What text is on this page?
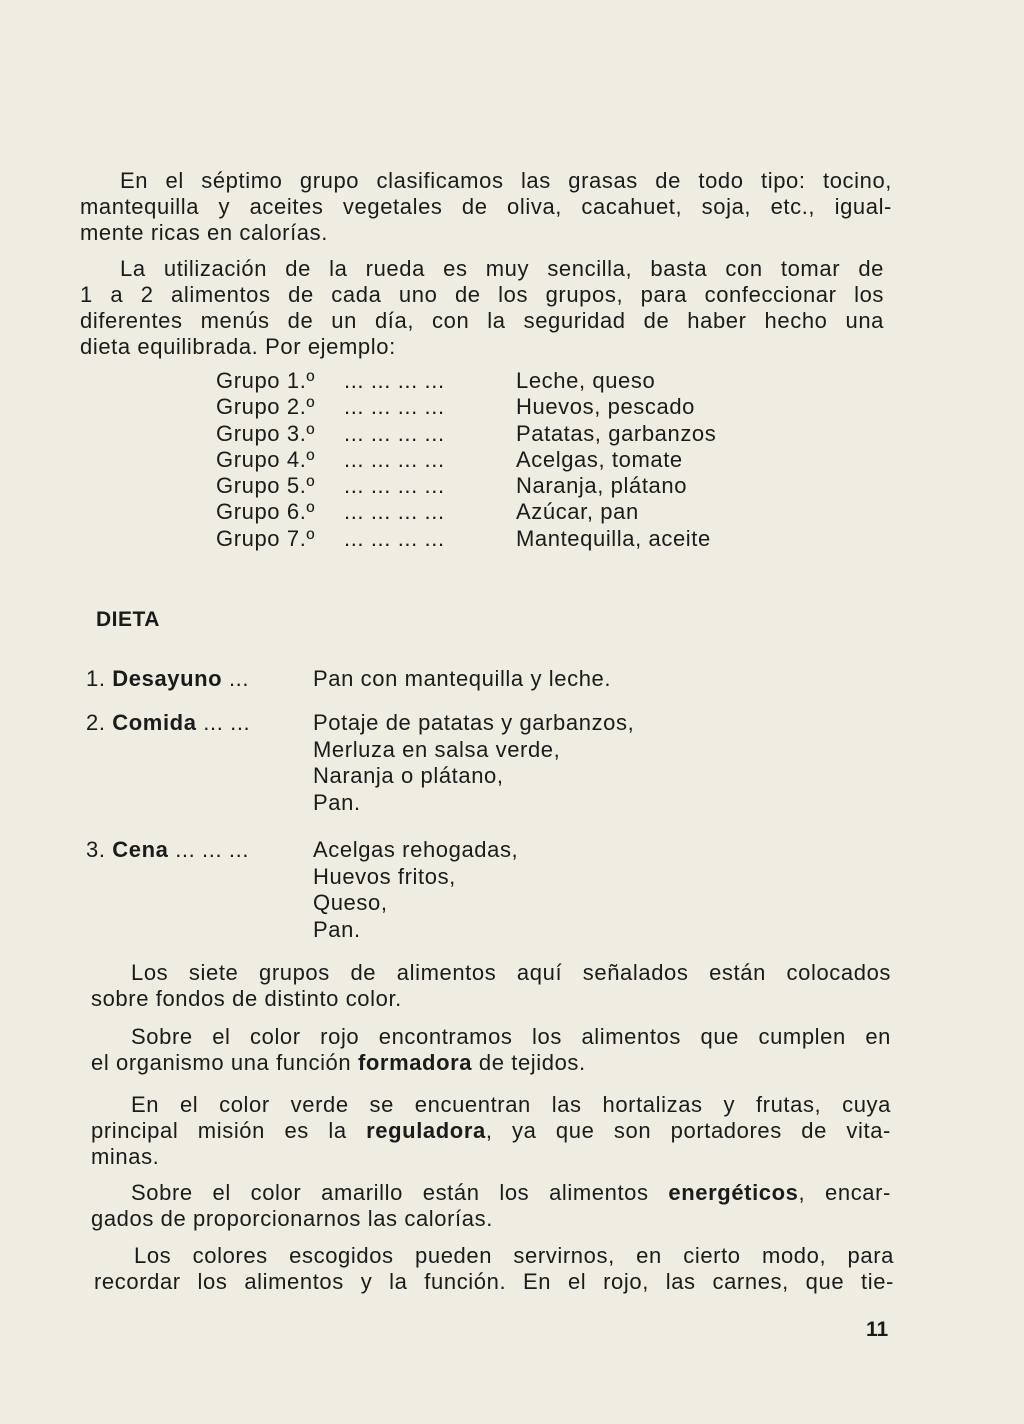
En el séptimo grupo clasificamos las grasas de todo tipo: tocino,
mantequilla y aceites vegetales de oliva, cacahuet, soja, etc., igual-
mente ricas en calorías.
La utilización de la rueda es muy sencilla, basta con tomar de
1 a 2 alimentos de cada uno de los grupos, para confeccionar los
diferentes menús de un día, con la seguridad de haber hecho una
dieta equilibrada. Por ejemplo:
Grupo 1.º	... ... ... ...	Leche, queso
Grupo 2.º	... ... ... ...	Huevos, pescado
Grupo 3.º	... ... ... ...	Patatas, garbanzos
Grupo 4.º	... ... ... ...	Acelgas, tomate
Grupo 5.º	... ... ... ...	Naranja, plátano
Grupo 6.º	... ... ... ...	Azúcar, pan
Grupo 7.º	... ... ... ...	Mantequilla, aceite
DIETA
1. Desayuno ...	Pan con mantequilla y leche.
2. Comida ... ...	Potaje de patatas y garbanzos,
Merluza en salsa verde,
Naranja o plátano,
Pan.
3. Cena ... ... ...	Acelgas rehogadas,
Huevos fritos,
Queso,
Pan.
Los siete grupos de alimentos aquí señalados están colocados
sobre fondos de distinto color.
Sobre el color rojo encontramos los alimentos que cumplen en
el organismo una función formadora de tejidos.
En el color verde se encuentran las hortalizas y frutas, cuya
principal misión es la reguladora, ya que son portadores de vita-
minas.
Sobre el color amarillo están los alimentos energéticos, encar-
gados de proporcionarnos las calorías.
Los colores escogidos pueden servirnos, en cierto modo, para
recordar los alimentos y la función. En el rojo, las carnes, que tie-
11
